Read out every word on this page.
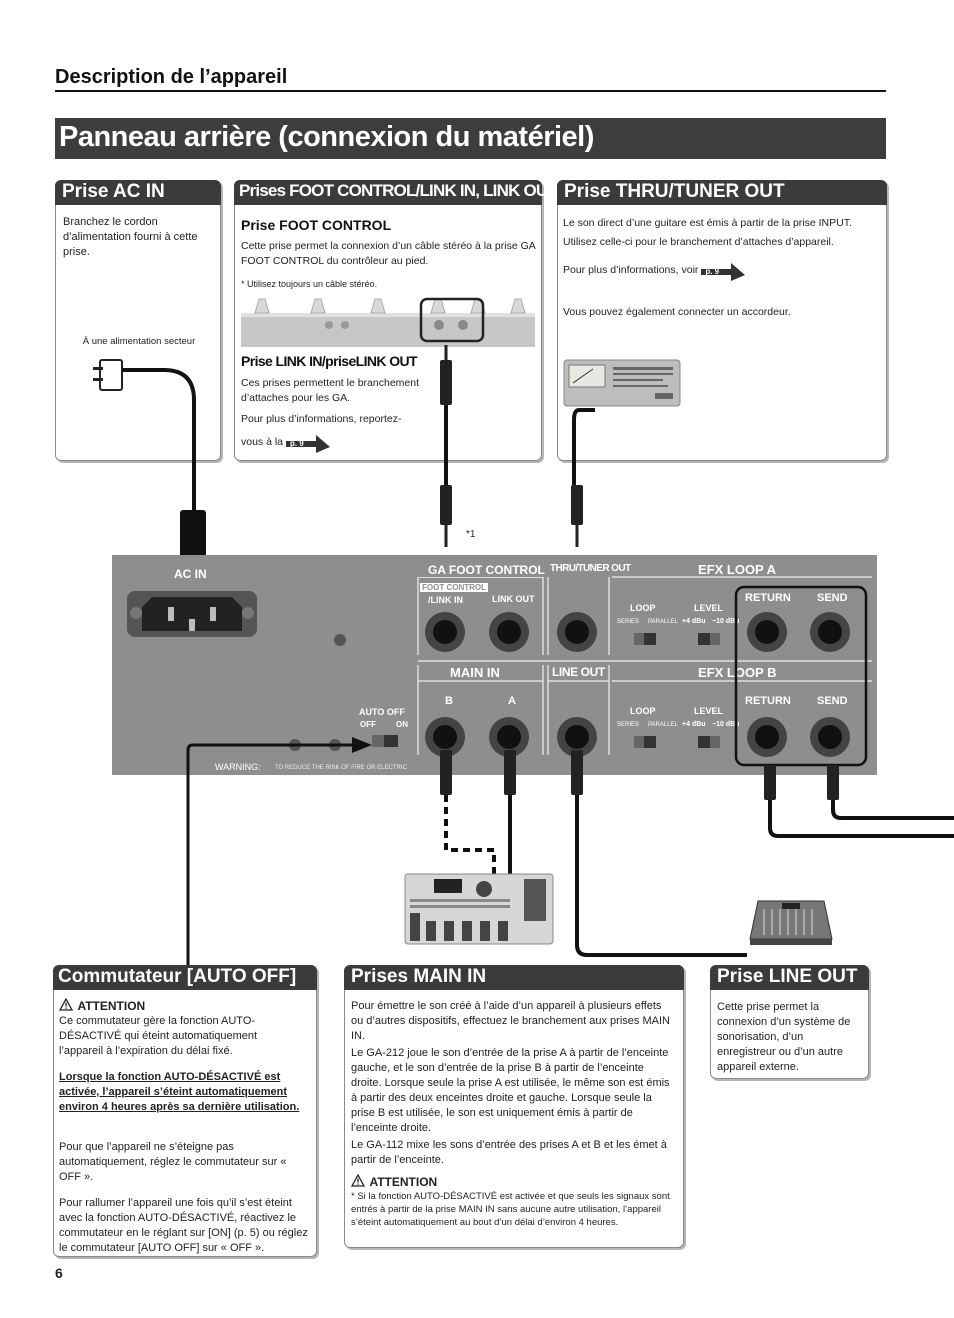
Description de l’appareil
Panneau arrière (connexion du matériel)
Prise AC IN
Branchez le cordon d’alimentation fourni à cette prise.
À une alimentation secteur
Prises FOOT CONTROL/LINK IN, LINK OUT
Prise FOOT CONTROL
Cette prise permet la connexion d’un câble stéréo à la prise GA FOOT CONTROL du contrôleur au pied.
* Utilisez toujours un câble stéréo.
Prise LINK IN/priseLINK OUT
Ces prises permettent le branchement d’attaches pour les GA.
Pour plus d’informations, reportez-
vous à la p. 9
Prise THRU/TUNER OUT
Le son direct d’une guitare est émis à partir de la prise INPUT.
Utilisez celle-ci pour le branchement d’attaches d’appareil.
Pour plus d’informations, voir p. 9
Vous pouvez également connecter un accordeur.
*1
AC IN	GA FOOT CONTROL
FOOT CONTROL
/LINK IN	LINK OUT
THRU/TUNER OUT	EFX LOOP A
EFX LOOP B
LOOP	LEVEL
SERIES PARALLEL +4 dBu −10 dBu
LOOP	LEVEL
SERIES PARALLEL +4 dBu −10 dBu
RETURN SEND
RETURN SEND
MAIN IN	LINE OUT
B	A
AUTO OFF
OFF	ON
WARNING: TO REDUCE THE RISK OF FIRE OR ELECTRIC
Commutateur [AUTO OFF]
ATTENTION
Ce commutateur gère la fonction AUTO-DÉSACTIVÉ qui éteint automatiquement l’appareil à l’expiration du délai fixé.
Lorsque la fonction AUTO-DÉSACTIVÉ est activée, l’appareil s’éteint automatiquement environ 4 heures après sa dernière utilisation.
Pour que l’appareil ne s’éteigne pas automatiquement, réglez le commutateur sur « OFF ».
Pour rallumer l’appareil une fois qu’il s’est éteint avec la fonction AUTO-DÉSACTIVÉ, réactivez le commutateur en le réglant sur [ON] (p. 5) ou réglez le commutateur [AUTO OFF] sur « OFF ».
Prises MAIN IN
Pour émettre le son créé à l’aide d’un appareil à plusieurs effets ou d’autres dispositifs, effectuez le branchement aux prises MAIN IN.
Le GA-212 joue le son d’entrée de la prise A à partir de l’enceinte gauche, et le son d’entrée de la prise B à partir de l’enceinte droite. Lorsque seule la prise A est utilisée, le même son est émis à partir des deux enceintes droite et gauche. Lorsque seule la prise B est utilisée, le son est uniquement émis à partir de l’enceinte droite.
Le GA-112 mixe les sons d’entrée des prises A et B et les émet à partir de l’enceinte.
ATTENTION
* Si la fonction AUTO-DÉSACTIVÉ est activée et que seuls les signaux sont entrés à partir de la prise MAIN IN sans aucune autre utilisation, l’appareil s’éteint automatiquement au bout d’un délai d’environ 4 heures.
Prise LINE OUT
Cette prise permet la connexion d’un système de sonorisation, d’un enregistreur ou d’un autre appareil externe.
6
